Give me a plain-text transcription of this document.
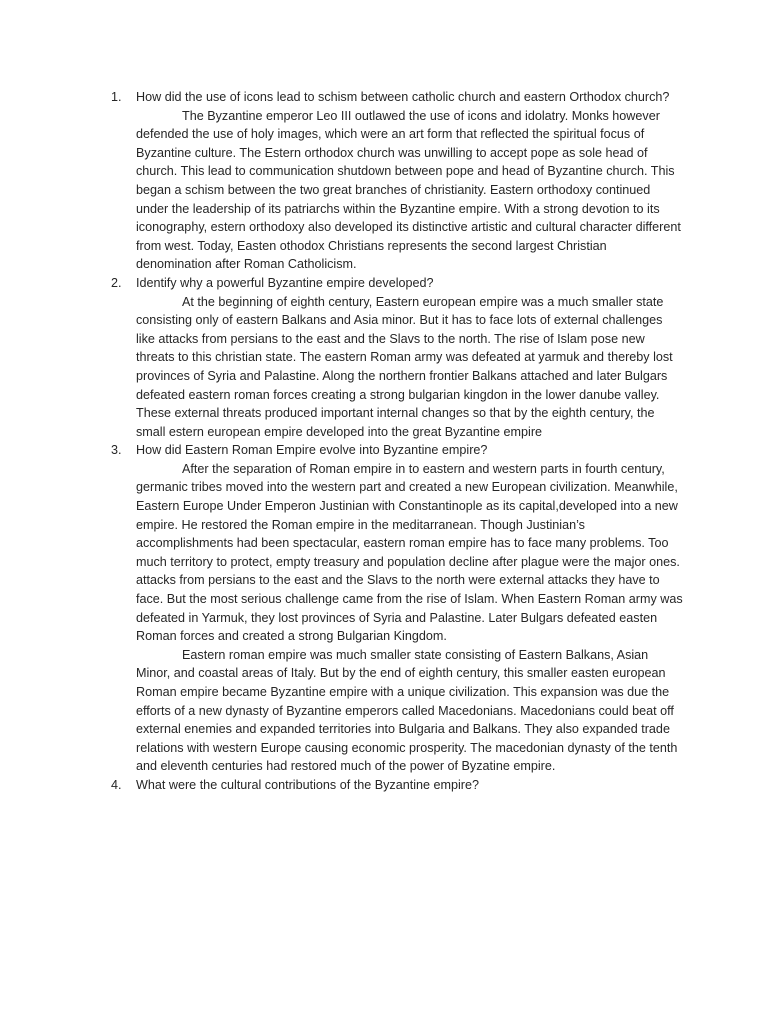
1. How did the use of icons lead to schism between catholic church and eastern Orthodox church?

The Byzantine emperor Leo III outlawed the use of icons and idolatry. Monks however defended the use of holy images, which were an art form that reflected the spiritual focus of Byzantine culture. The Estern orthodox church was unwilling to accept pope as sole head of church. This lead to communication shutdown between pope and head of Byzantine church. This began a schism between the two great branches of christianity. Eastern orthodoxy continued under the leadership of its patriarchs within the Byzantine empire. With a strong devotion to its iconography, estern orthodoxy also developed its distinctive artistic and cultural character different from west. Today, Easten othodox Christians represents the second largest Christian denomination after Roman Catholicism.

2. Identify why a powerful Byzantine empire developed?

At the beginning of eighth century, Eastern european empire was a much smaller state consisting only of eastern Balkans and Asia minor. But it has to face lots of external challenges like attacks from persians to the east and the Slavs to the north. The rise of Islam pose new threats to this christian state. The eastern Roman army was defeated at yarmuk and thereby lost provinces of Syria and Palastine. Along the northern frontier Balkans attached and later Bulgars defeated eastern roman forces creating a strong bulgarian kingdon in the lower danube valley. These external threats produced important internal changes so that by the eighth century, the small estern european empire developed into the great Byzantine empire

3. How did Eastern Roman Empire evolve into Byzantine empire?

After the separation of Roman empire in to eastern and western parts in fourth century, germanic tribes moved into the western part and created a new European civilization. Meanwhile, Eastern Europe Under Emperon Justinian with Constantinople as its capital,developed into a new empire. He restored the Roman empire in the meditarranean. Though Justinian’s accomplishments had been spectacular, eastern roman empire has to face many problems. Too much territory to protect, empty treasury and population decline after plague were the major ones. attacks from persians to the east and the Slavs to the north were external attacks they have to face. But the most serious challenge came from the rise of Islam. When Eastern Roman army was defeated in Yarmuk, they lost provinces of Syria and Palastine. Later Bulgars defeated easten Roman forces and created a strong Bulgarian Kingdom.

Eastern roman empire was much smaller state consisting of Eastern Balkans, Asian Minor, and coastal areas of Italy. But by the end of eighth century, this smaller easten european Roman empire became Byzantine empire with a unique civilization. This expansion was due the efforts of a new dynasty of Byzantine emperors called Macedonians. Macedonians could beat off external enemies and expanded territories into Bulgaria and Balkans. They also expanded trade relations with western Europe causing economic prosperity. The macedonian dynasty of the tenth and eleventh centuries had restored much of the power of Byzatine empire.

4. What were the cultural contributions of the Byzantine empire?
